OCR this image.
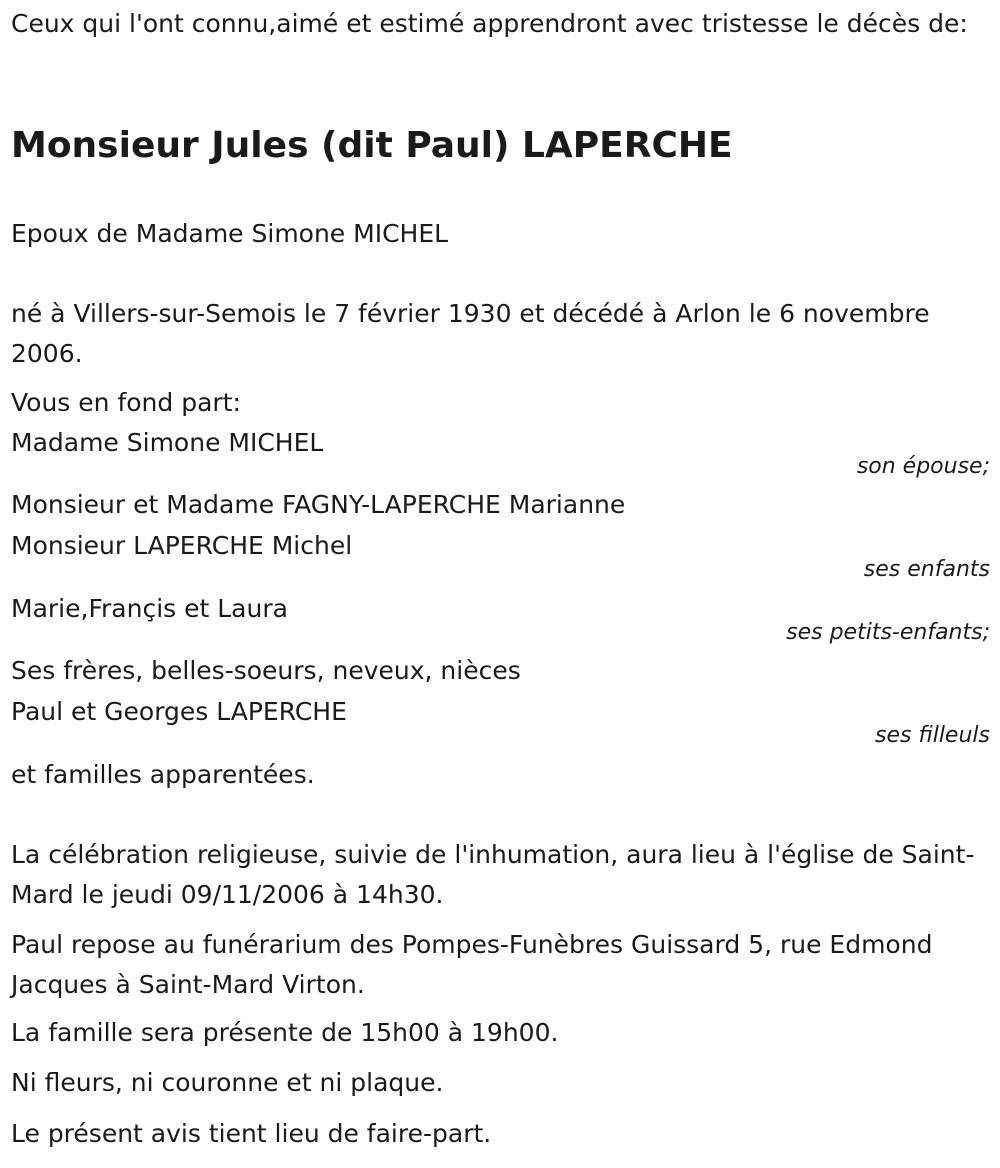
Ceux qui l'ont connu,aimé et estimé apprendront avec tristesse le décès de:
Monsieur Jules (dit Paul) LAPERCHE
Epoux de Madame Simone MICHEL
né à Villers-sur-Semois le 7 février 1930 et décédé à Arlon le 6 novembre 2006.
Vous en fond part:
Madame Simone MICHEL
son épouse;
Monsieur et Madame FAGNY-LAPERCHE Marianne
Monsieur LAPERCHE Michel
ses enfants
Marie,Françis et Laura
ses petits-enfants;
Ses frères, belles-soeurs, neveux, nièces
Paul et Georges LAPERCHE
ses filleuls
et familles apparentées.
La célébration religieuse, suivie de l'inhumation, aura lieu à l'église de Saint-Mard le jeudi 09/11/2006 à 14h30.
Paul repose au funérarium des Pompes-Funèbres Guissard 5, rue Edmond Jacques à Saint-Mard Virton.
La famille sera présente de 15h00 à 19h00.
Ni fleurs, ni couronne et ni plaque.
Le présent avis tient lieu de faire-part.
